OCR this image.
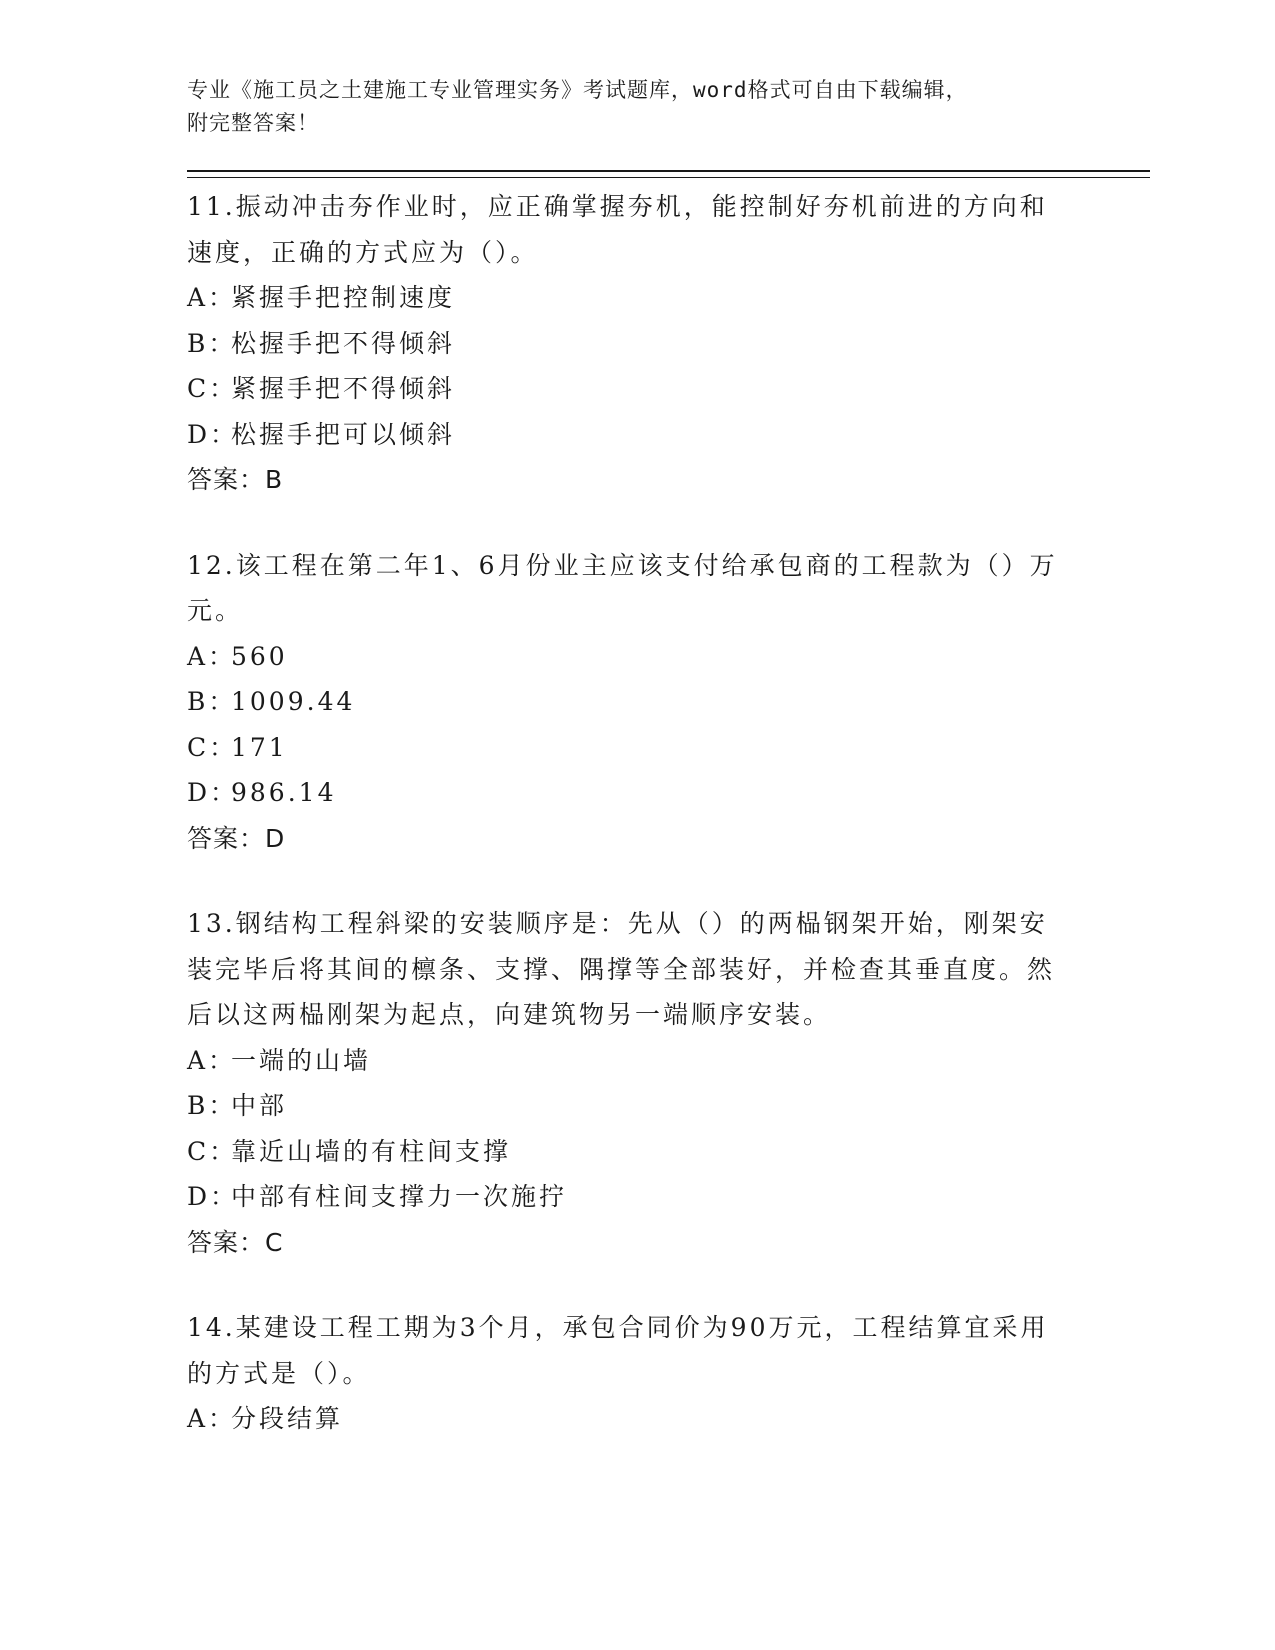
专业《施工员之土建施工专业管理实务》考试题库，word格式可自由下载编辑，

附完整答案！

11.振动冲击夯作业时，应正确掌握夯机，能控制好夯机前进的方向和速度，正确的方式应为（）。

A：紧握手把控制速度

B：松握手把不得倾斜

C：紧握手把不得倾斜

D：松握手把可以倾斜

答案：B

12.该工程在第二年1、6月份业主应该支付给承包商的工程款为（）万元。

A：560

B：1009.44

C：171

D：986.14

答案：D

13.钢结构工程斜梁的安装顺序是：先从（）的两榀钢架开始，刚架安装完毕后将其间的檩条、支撑、隅撑等全部装好，并检查其垂直度。然后以这两榀刚架为起点，向建筑物另一端顺序安装。

A：一端的山墙

B：中部

C：靠近山墙的有柱间支撑

D：中部有柱间支撑力一次施拧

答案：C

14.某建设工程工期为3个月，承包合同价为90万元，工程结算宜采用的方式是（）。

A：分段结算
